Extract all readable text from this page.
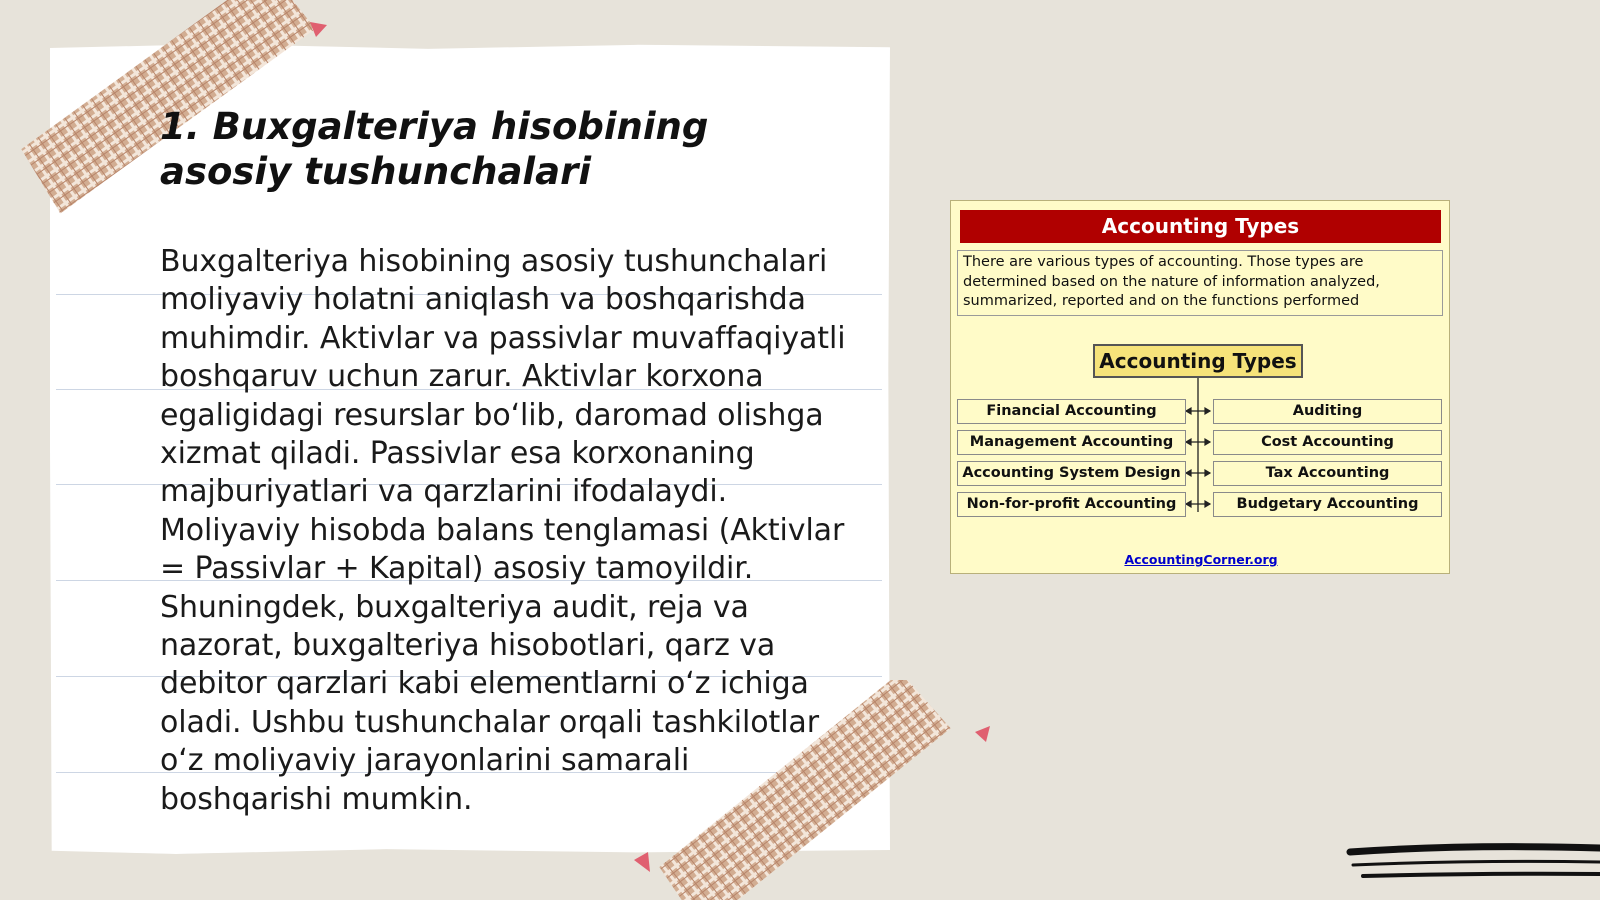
1. Buxgalteriya hisobining asosiy tushunchalari

Buxgalteriya hisobining asosiy tushunchalari moliyaviy holatni aniqlash va boshqarishda muhimdir. Aktivlar va passivlar muvaffaqiyatli boshqaruv uchun zarur. Aktivlar korxona egaligidagi resurslar bo‘lib, daromad olishga xizmat qiladi. Passivlar esa korxonaning majburiyatlari va qarzlarini ifodalaydi. Moliyaviy hisobda balans tenglamasi (Aktivlar = Passivlar + Kapital) asosiy tamoyildir. Shuningdek, buxgalteriya audit, reja va nazorat, buxgalteriya hisobotlari, qarz va debitor qarzlari kabi elementlarni o‘z ichiga oladi. Ushbu tushunchalar orqali tashkilotlar o‘z moliyaviy jarayonlarini samarali boshqarishi mumkin.

Accounting Types
There are various types of accounting. Those types are determined based on the nature of information analyzed, summarized, reported and on the functions performed
Accounting Types
Financial Accounting
Management Accounting
Accounting System Design
Non-for-profit Accounting
Auditing
Cost Accounting
Tax Accounting
Budgetary Accounting
AccountingCorner.org
